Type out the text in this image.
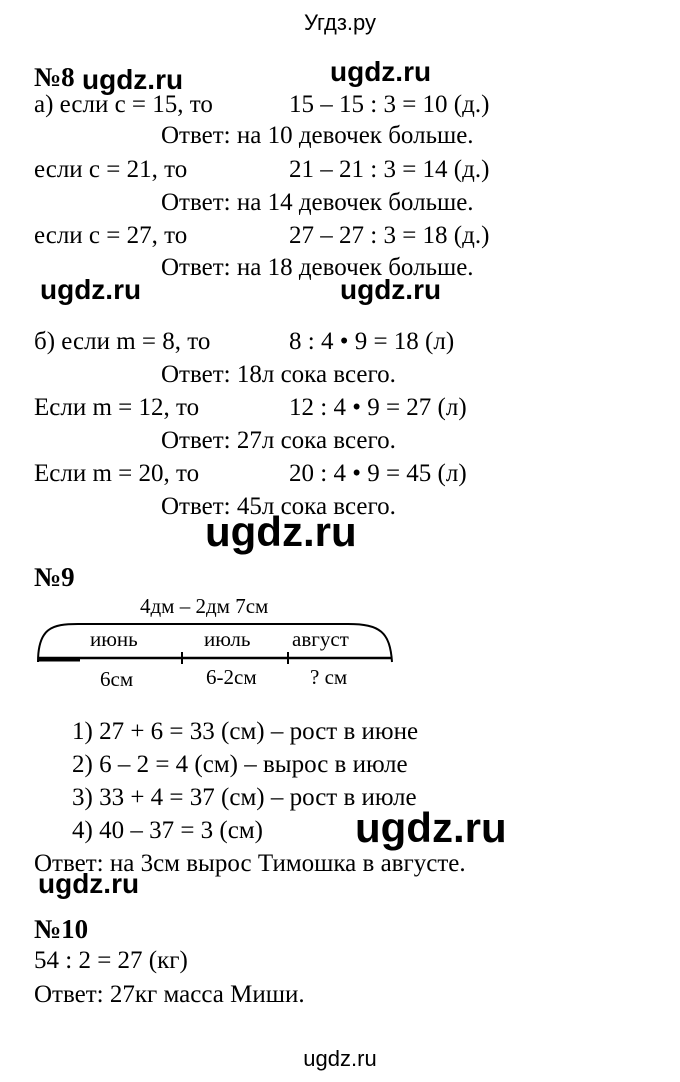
Угдз.ру
ugdz.ru	ugdz.ru
ugdz.ru	ugdz.ru
ugdz.ru
ugdz.ru
ugdz.ru
№8
а) если с = 15, то	15 – 15 : 3 = 10 (д.)
Ответ: на 10 девочек больше.
если с = 21, то	21 – 21 : 3 = 14 (д.)
Ответ: на 14 девочек больше.
если с = 27, то	27 – 27 : 3 = 18 (д.)
Ответ: на 18 девочек больше.
б) если m = 8, то	8 : 4 • 9 = 18 (л)
Ответ: 18л сока всего.
Если m = 12, то	12 : 4 • 9 = 27 (л)
Ответ: 27л сока всего.
Если m = 20, то	20 : 4 • 9 = 45 (л)
Ответ: 45л сока всего.
№9
4дм – 2дм 7см
июнь	июль август
6см	6-2см	? см
1) 27 + 6 = 33 (см) – рост в июне
2) 6 – 2 = 4 (см) – вырос в июле
3) 33 + 4 = 37 (см) – рост в июле
4) 40 – 37 = 3 (см)
Ответ: на 3см вырос Тимошка в августе.
№10
54 : 2 = 27 (кг)
Ответ: 27кг масса Миши.
ugdz.ru
